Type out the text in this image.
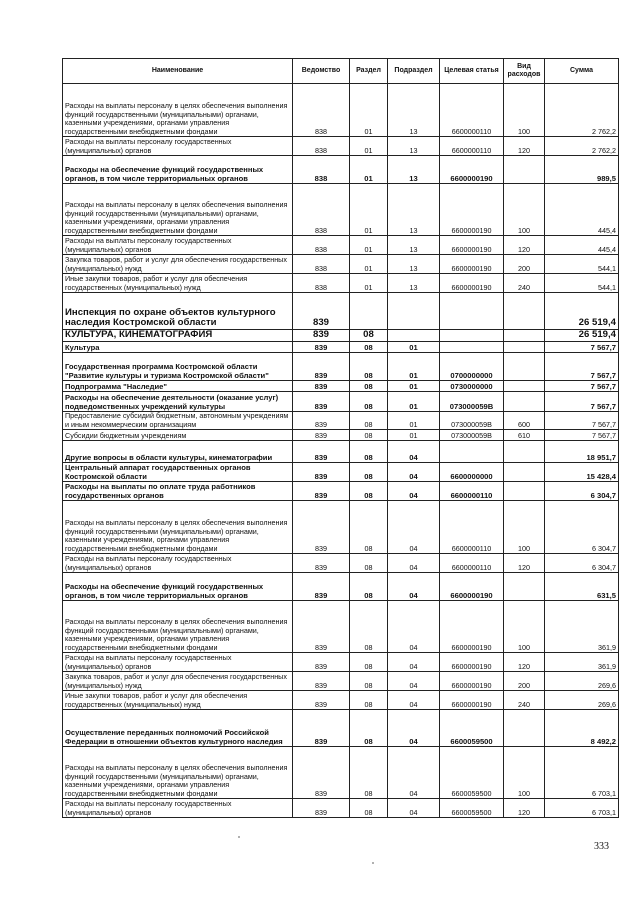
Наименование	Ведомство	Раздел	Подраздел	Целевая статья	Вид расходов	Сумма
Расходы на выплаты персоналу в целях обеспечения выполнения функций государственными (муниципальными) органами, казенными учреждениями, органами управления государственными внебюджетными фондами	838	01	13	6600000110	100	2 762,2
Расходы на выплаты персоналу государственных (муниципальных) органов	838	01	13	6600000110	120	2 762,2
Расходы на обеспечение функций государственных органов, в том числе территориальных органов	838	01	13	6600000190		989,5
Расходы на выплаты персоналу в целях обеспечения выполнения функций государственными (муниципальными) органами, казенными учреждениями, органами управления государственными внебюджетными фондами	838	01	13	6600000190	100	445,4
Расходы на выплаты персоналу государственных (муниципальных) органов	838	01	13	6600000190	120	445,4
Закупка товаров, работ и услуг для обеспечения государственных (муниципальных) нужд	838	01	13	6600000190	200	544,1
Иные закупки товаров, работ и услуг для обеспечения государственных (муниципальных) нужд	838	01	13	6600000190	240	544,1
Инспекция по охране объектов культурного наследия Костромской области	839					26 519,4
КУЛЬТУРА, КИНЕМАТОГРАФИЯ	839	08				26 519,4
Культура	839	08	01			7 567,7
Государственная программа Костромской области "Развитие культуры и туризма Костромской области"	839	08	01	0700000000		7 567,7
Подпрограмма "Наследие"	839	08	01	0730000000		7 567,7
Расходы на обеспечение деятельности (оказание услуг) подведомственных учреждений культуры	839	08	01	073000059В		7 567,7
Предоставление субсидий бюджетным, автономным учреждениям и иным некоммерческим организациям	839	08	01	073000059В	600	7 567,7
Субсидии бюджетным учреждениям	839	08	01	073000059В	610	7 567,7
Другие вопросы в области культуры, кинематографии	839	08	04			18 951,7
Центральный аппарат государственных органов Костромской области	839	08	04	6600000000		15 428,4
Расходы на выплаты по оплате труда работников государственных органов	839	08	04	6600000110		6 304,7
Расходы на выплаты персоналу в целях обеспечения выполнения функций государственными (муниципальными) органами, казенными учреждениями, органами управления государственными внебюджетными фондами	839	08	04	6600000110	100	6 304,7
Расходы на выплаты персоналу государственных (муниципальных) органов	839	08	04	6600000110	120	6 304,7
Расходы на обеспечение функций государственных органов, в том числе территориальных органов	839	08	04	6600000190		631,5
Расходы на выплаты персоналу в целях обеспечения выполнения функций государственными (муниципальными) органами, казенными учреждениями, органами управления государственными внебюджетными фондами	839	08	04	6600000190	100	361,9
Расходы на выплаты персоналу государственных (муниципальных) органов	839	08	04	6600000190	120	361,9
Закупка товаров, работ и услуг для обеспечения государственных (муниципальных) нужд	839	08	04	6600000190	200	269,6
Иные закупки товаров, работ и услуг для обеспечения государственных (муниципальных) нужд	839	08	04	6600000190	240	269,6
Осуществление переданных полномочий Российской Федерации в отношении объектов культурного наследия	839	08	04	6600059500		8 492,2
Расходы на выплаты персоналу в целях обеспечения выполнения функций государственными (муниципальными) органами, казенными учреждениями, органами управления государственными внебюджетными фондами	839	08	04	6600059500	100	6 703,1
Расходы на выплаты персоналу государственных (муниципальных) органов	839	08	04	6600059500	120	6 703,1
333
